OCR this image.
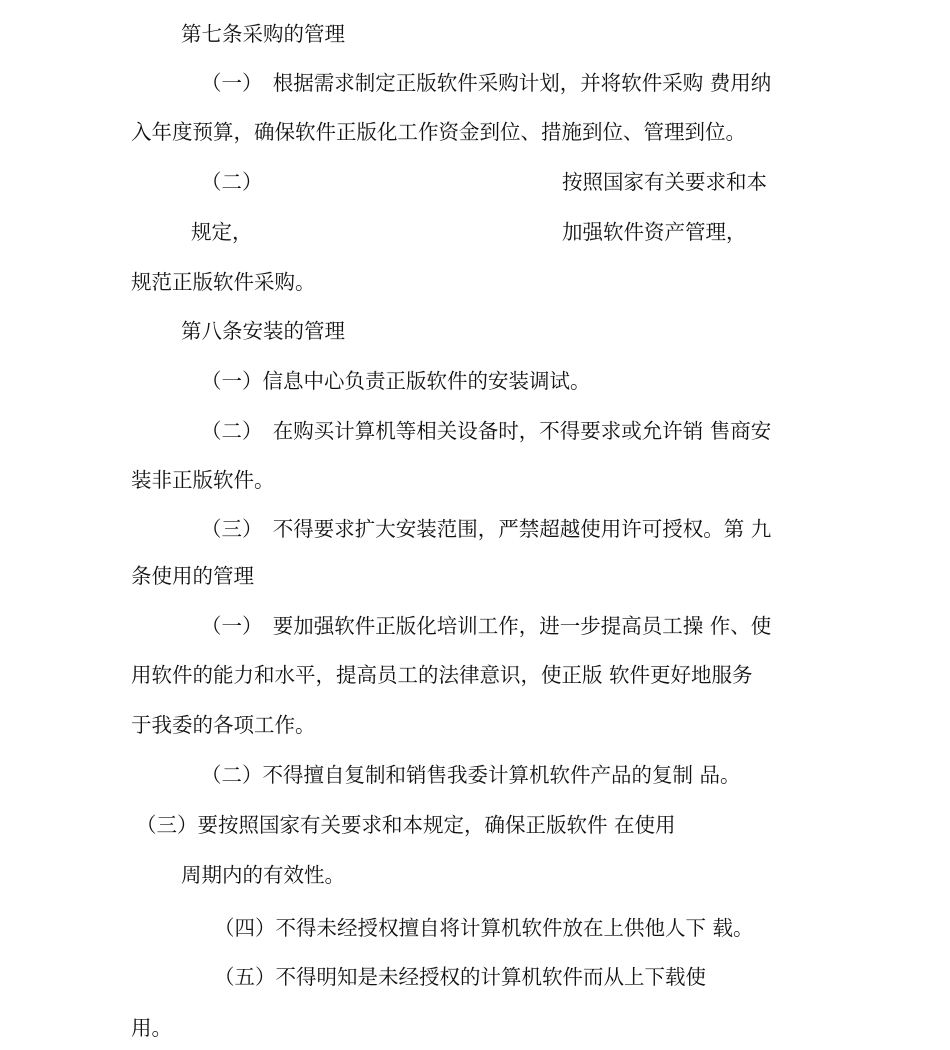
第七条采购的管理
（一）　根据需求制定正版软件采购计划，并将软件采购 费用纳
入年度预算，确保软件正版化工作资金到位、措施到位、管理到位。
（二）	按照国家有关要求和本
规定，	加强软件资产管理，
规范正版软件采购。
第八条安装的管理
（一）信息中心负责正版软件的安装调试。
（二）　在购买计算机等相关设备时，不得要求或允许销 售商安
装非正版软件。
（三）　不得要求扩大安装范围，严禁超越使用许可授权。第 九
条使用的管理
（一）　要加强软件正版化培训工作，进一步提高员工操 作、使
用软件的能力和水平，提高员工的法律意识，使正版 软件更好地服务
于我委的各项工作。
（二）不得擅自复制和销售我委计算机软件产品的复制 品。
（三）要按照国家有关要求和本规定，确保正版软件 在使用
周期内的有效性。
（四）不得未经授权擅自将计算机软件放在上供他人下 载。
（五）不得明知是未经授权的计算机软件而从上下载使
用。
